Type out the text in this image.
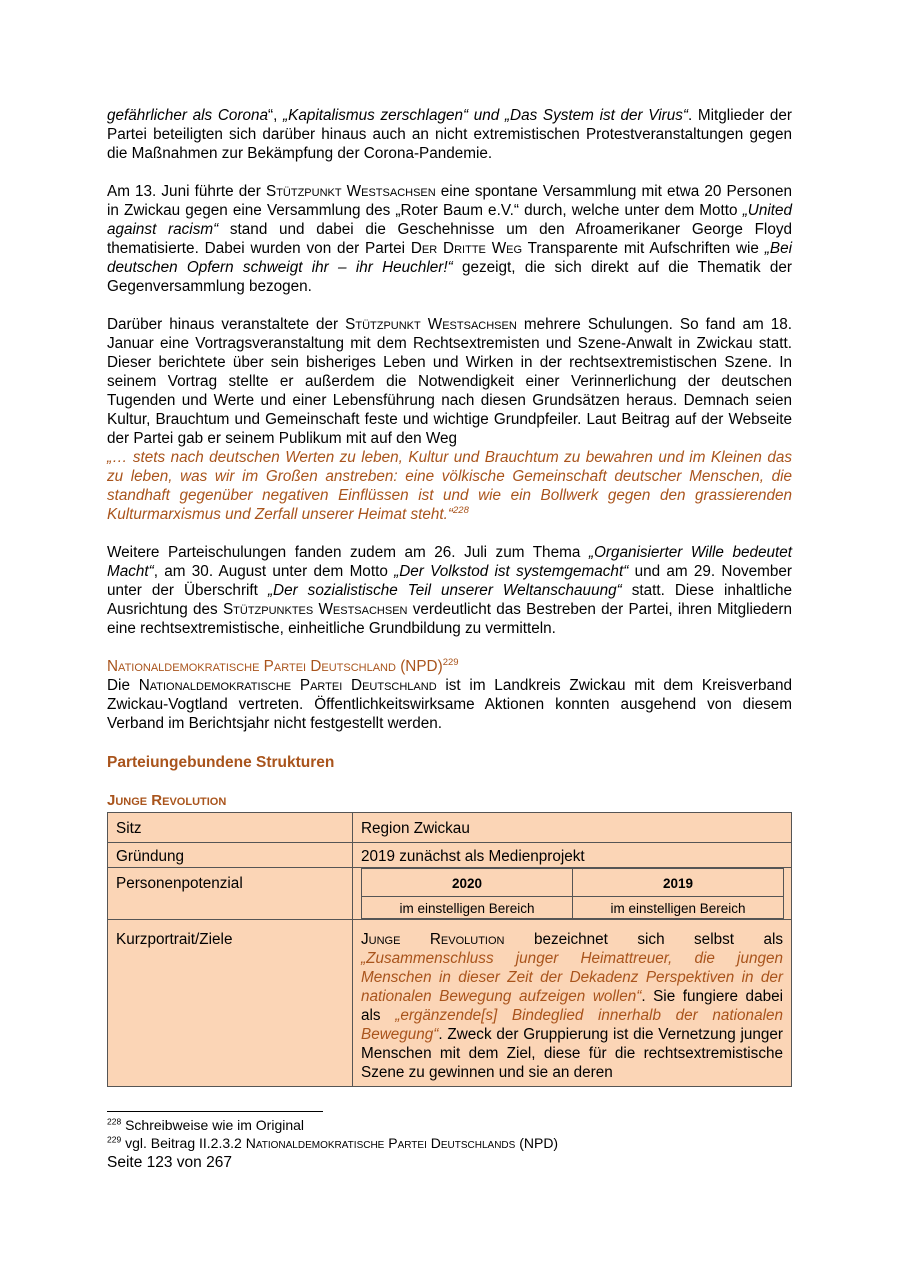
gefährlicher als Corona“, „Kapitalismus zerschlagen“ und „Das System ist der Virus“. Mitglieder der Partei beteiligten sich darüber hinaus auch an nicht extremistischen Protestveranstaltungen gegen die Maßnahmen zur Bekämpfung der Corona-Pandemie.

Am 13. Juni führte der Stützpunkt Westsachsen eine spontane Versammlung mit etwa 20 Personen in Zwickau gegen eine Versammlung des „Roter Baum e.V.“ durch, welche unter dem Motto „United against racism“ stand und dabei die Geschehnisse um den Afroamerikaner George Floyd thematisierte. Dabei wurden von der Partei Der Dritte Weg Transparente mit Aufschriften wie „Bei deutschen Opfern schweigt ihr – ihr Heuchler!“ gezeigt, die sich direkt auf die Thematik der Gegenversammlung bezogen.

Darüber hinaus veranstaltete der Stützpunkt Westsachsen mehrere Schulungen. So fand am 18. Januar eine Vortragsveranstaltung mit dem Rechtsextremisten und Szene-Anwalt in Zwickau statt. Dieser berichtete über sein bisheriges Leben und Wirken in der rechtsextremistischen Szene. In seinem Vortrag stellte er außerdem die Notwendigkeit einer Verinnerlichung der deutschen Tugenden und Werte und einer Lebensführung nach diesen Grundsätzen heraus. Demnach seien Kultur, Brauchtum und Gemeinschaft feste und wichtige Grundpfeiler. Laut Beitrag auf der Webseite der Partei gab er seinem Publikum mit auf den Weg

„… stets nach deutschen Werten zu leben, Kultur und Brauchtum zu bewahren und im Kleinen das zu leben, was wir im Großen anstreben: eine völkische Gemeinschaft deutscher Menschen, die standhaft gegenüber negativen Einflüssen ist und wie ein Bollwerk gegen den grassierenden Kulturmarxismus und Zerfall unserer Heimat steht.“$^{228}$

Weitere Parteischulungen fanden zudem am 26. Juli zum Thema „Organisierter Wille bedeutet Macht“, am 30. August unter dem Motto „Der Volkstod ist systemgemacht“ und am 29. November unter der Überschrift „Der sozialistische Teil unserer Weltanschauung“ statt. Diese inhaltliche Ausrichtung des Stützpunktes Westsachsen verdeutlicht das Bestreben der Partei, ihren Mitgliedern eine rechtsextremistische, einheitliche Grundbildung zu vermitteln.

Nationaldemokratische Partei Deutschland (NPD)$^{229}$

Die Nationaldemokratische Partei Deutschland ist im Landkreis Zwickau mit dem Kreisverband Zwickau-Vogtland vertreten. Öffentlichkeitswirksame Aktionen konnten ausgehend von diesem Verband im Berichtsjahr nicht festgestellt werden.

Parteiungebundene Strukturen
Junge Revolution
Sitz	Region Zwickau
Gründung	2019 zunächst als Medienprojekt
Personenpotenzial		2020	2019
im einstelligen Bereich	im einstelligen Bereich

Kurzportrait/Ziele	Junge Revolution bezeichnet sich selbst als „Zusammenschluss junger Heimattreuer, die jungen Menschen in dieser Zeit der Dekadenz Perspektiven in der nationalen Bewegung aufzeigen wollen“. Sie fungiere dabei als „ergänzende[s] Bindeglied innerhalb der nationalen Bewegung“. Zweck der Gruppierung ist die Vernetzung junger Menschen mit dem Ziel, diese für die rechtsextremistische Szene zu gewinnen und sie an deren
$^{228}$ Schreibweise wie im Original
$^{229}$ vgl. Beitrag II.2.3.2 Nationaldemokratische Partei Deutschlands (NPD)
Seite 123 von 267
